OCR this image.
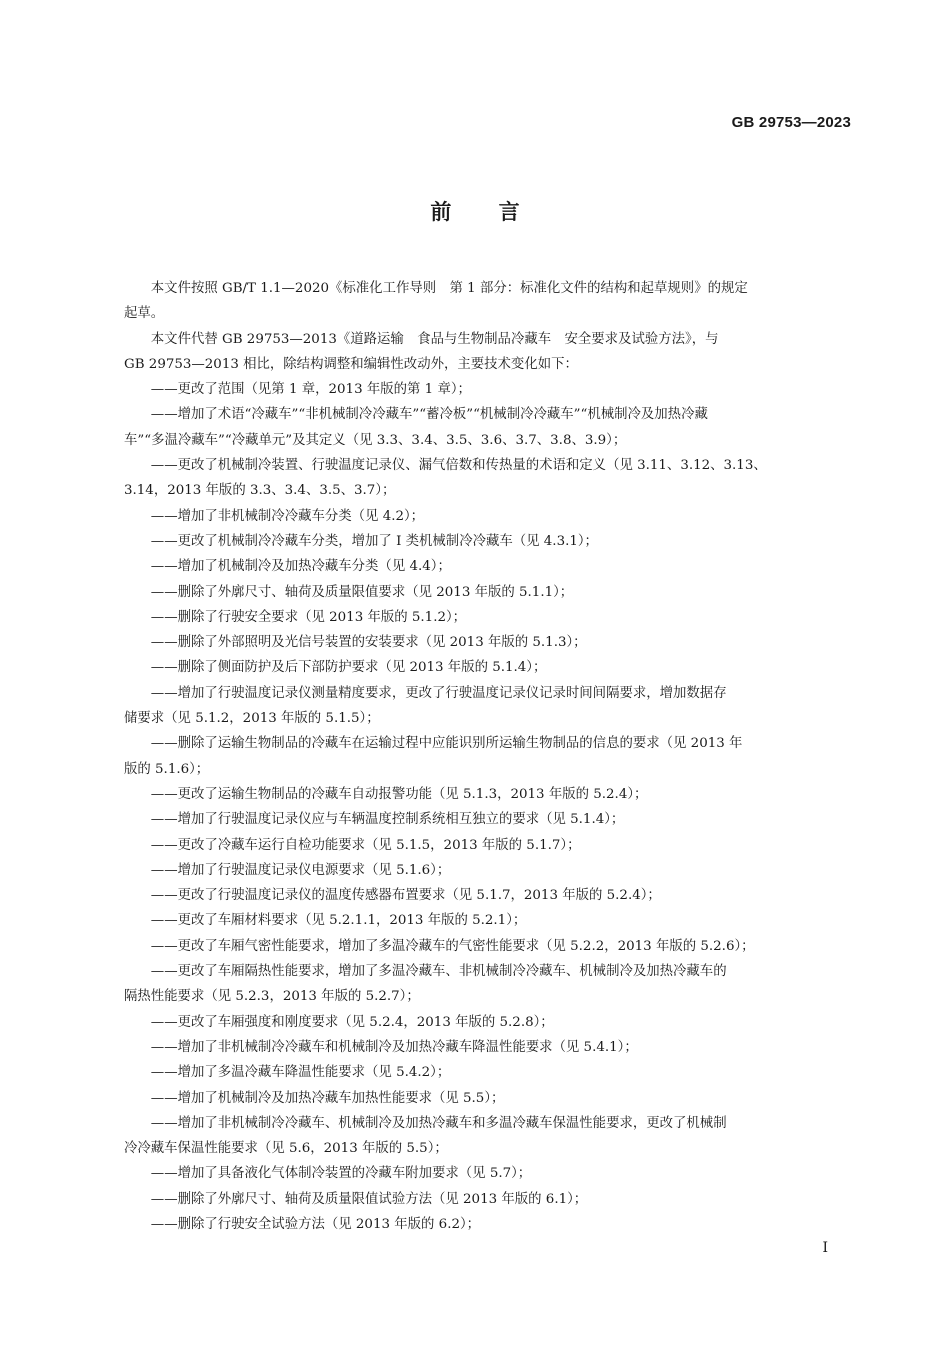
GB 29753—2023
前 言
本文件按照 GB/T 1.1—2020《标准化工作导则　第 1 部分：标准化文件的结构和起草规则》的规定
起草。
本文件代替 GB 29753—2013《道路运输　食品与生物制品冷藏车　安全要求及试验方法》，与
GB 29753—2013 相比，除结构调整和编辑性改动外，主要技术变化如下：
——更改了范围（见第 1 章，2013 年版的第 1 章）；
——增加了术语“冷藏车”“非机械制冷冷藏车”“蓄冷板”“机械制冷冷藏车”“机械制冷及加热冷藏
车”“多温冷藏车”“冷藏单元”及其定义（见 3.3、3.4、3.5、3.6、3.7、3.8、3.9）；
——更改了机械制冷装置、行驶温度记录仪、漏气倍数和传热量的术语和定义（见 3.11、3.12、3.13、
3.14，2013 年版的 3.3、3.4、3.5、3.7）；
——增加了非机械制冷冷藏车分类（见 4.2）；
——更改了机械制冷冷藏车分类，增加了 I 类机械制冷冷藏车（见 4.3.1）；
——增加了机械制冷及加热冷藏车分类（见 4.4）；
——删除了外廓尺寸、轴荷及质量限值要求（见 2013 年版的 5.1.1）；
——删除了行驶安全要求（见 2013 年版的 5.1.2）；
——删除了外部照明及光信号装置的安装要求（见 2013 年版的 5.1.3）；
——删除了侧面防护及后下部防护要求（见 2013 年版的 5.1.4）；
——增加了行驶温度记录仪测量精度要求，更改了行驶温度记录仪记录时间间隔要求，增加数据存
储要求（见 5.1.2，2013 年版的 5.1.5）；
——删除了运输生物制品的冷藏车在运输过程中应能识别所运输生物制品的信息的要求（见 2013 年
版的 5.1.6）；
——更改了运输生物制品的冷藏车自动报警功能（见 5.1.3，2013 年版的 5.2.4）；
——增加了行驶温度记录仪应与车辆温度控制系统相互独立的要求（见 5.1.4）；
——更改了冷藏车运行自检功能要求（见 5.1.5，2013 年版的 5.1.7）；
——增加了行驶温度记录仪电源要求（见 5.1.6）；
——更改了行驶温度记录仪的温度传感器布置要求（见 5.1.7，2013 年版的 5.2.4）；
——更改了车厢材料要求（见 5.2.1.1，2013 年版的 5.2.1）；
——更改了车厢气密性能要求，增加了多温冷藏车的气密性能要求（见 5.2.2，2013 年版的 5.2.6）；
——更改了车厢隔热性能要求，增加了多温冷藏车、非机械制冷冷藏车、机械制冷及加热冷藏车的
隔热性能要求（见 5.2.3，2013 年版的 5.2.7）；
——更改了车厢强度和刚度要求（见 5.2.4，2013 年版的 5.2.8）；
——增加了非机械制冷冷藏车和机械制冷及加热冷藏车降温性能要求（见 5.4.1）；
——增加了多温冷藏车降温性能要求（见 5.4.2）；
——增加了机械制冷及加热冷藏车加热性能要求（见 5.5）；
——增加了非机械制冷冷藏车、机械制冷及加热冷藏车和多温冷藏车保温性能要求，更改了机械制
冷冷藏车保温性能要求（见 5.6，2013 年版的 5.5）；
——增加了具备液化气体制冷装置的冷藏车附加要求（见 5.7）；
——删除了外廓尺寸、轴荷及质量限值试验方法（见 2013 年版的 6.1）；
——删除了行驶安全试验方法（见 2013 年版的 6.2）；
I
